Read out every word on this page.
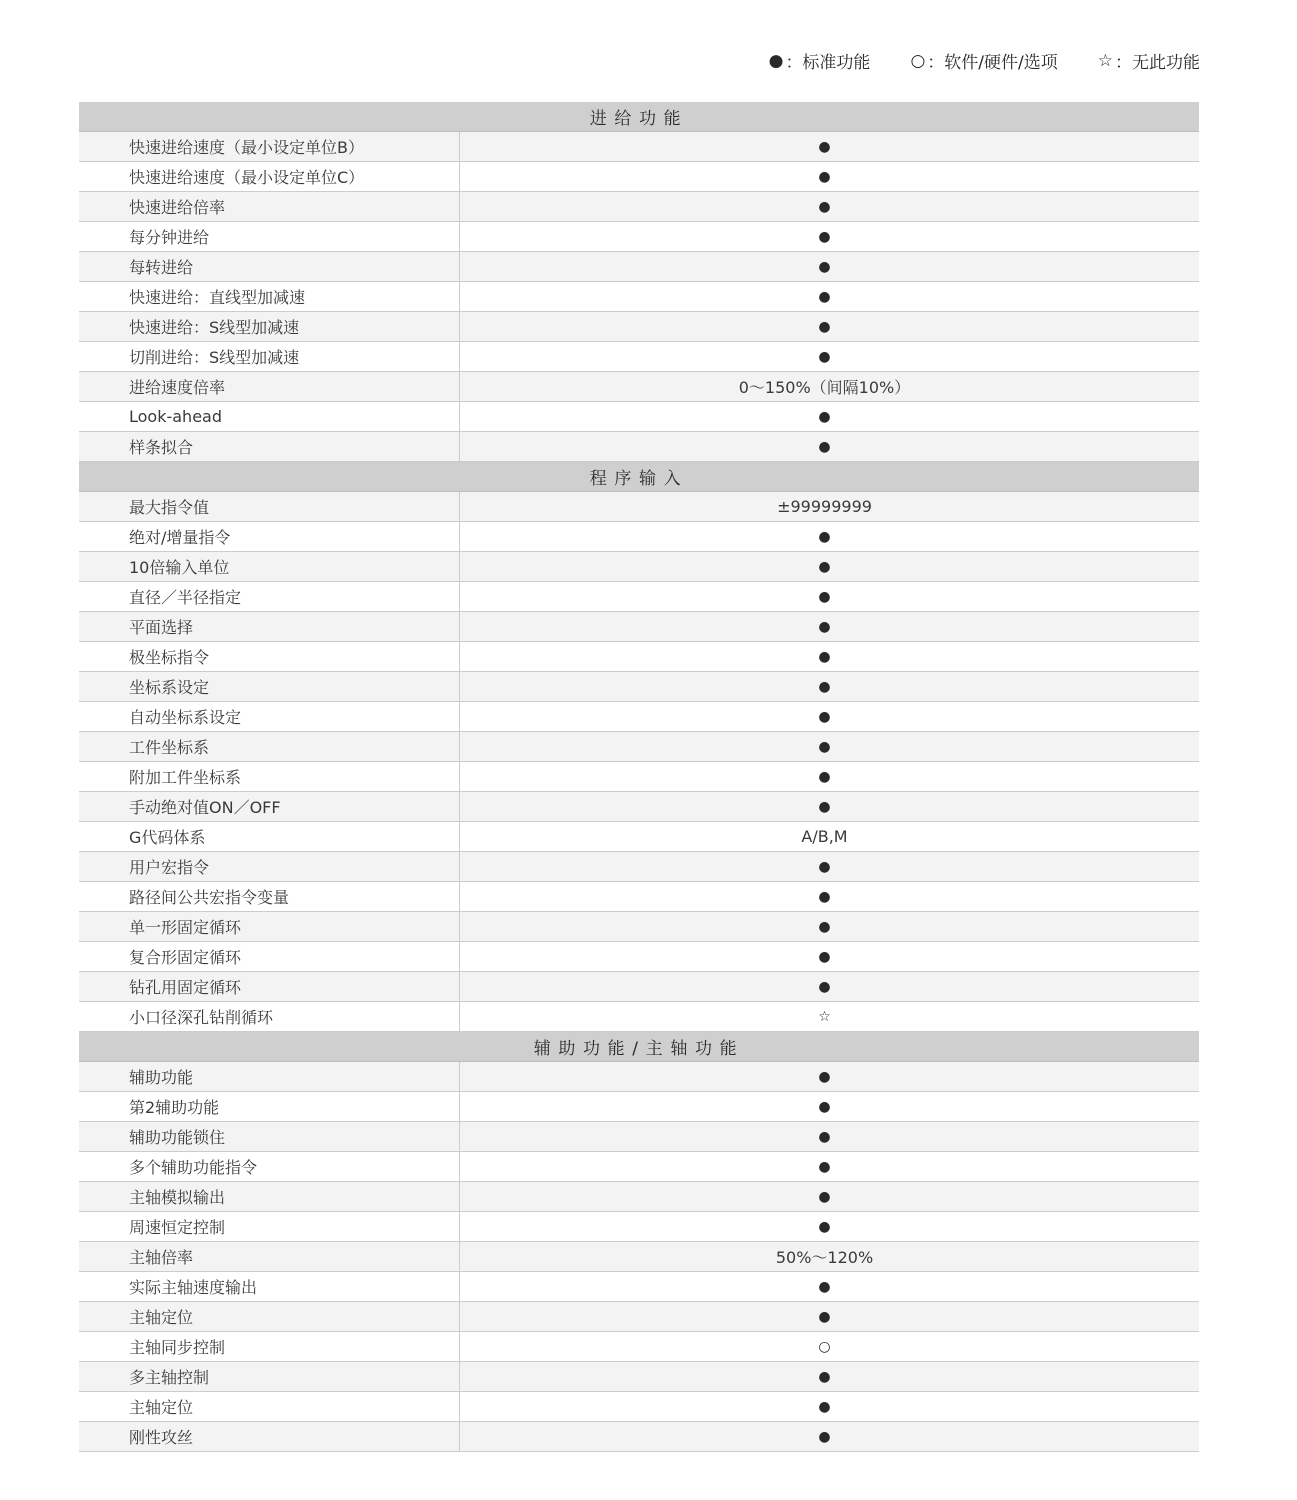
● ：标准功能 ○ ：软件/硬件/选项 ☆ ：无此功能
进给功能
快速进给速度（最小设定单位B）	●
快速进给速度（最小设定单位C）	●
快速进给倍率	●
每分钟进给	●
每转进给	●
快速进给：直线型加减速	●
快速进给：S线型加减速	●
切削进给：S线型加减速	●
进给速度倍率	0～150%（间隔10%）
Look-ahead	●
样条拟合	●
程序输入
最大指令值	±99999999
绝对/增量指令	●
10倍输入单位	●
直径／半径指定	●
平面选择	●
极坐标指令	●
坐标系设定	●
自动坐标系设定	●
工件坐标系	●
附加工件坐标系	●
手动绝对值ON／OFF	●
G代码体系	A/B,M
用户宏指令	●
路径间公共宏指令变量	●
单一形固定循环	●
复合形固定循环	●
钻孔用固定循环	●
小口径深孔钻削循环	☆
辅助功能/主轴功能
辅助功能	●
第2辅助功能	●
辅助功能锁住	●
多个辅助功能指令	●
主轴模拟输出	●
周速恒定控制	●
主轴倍率	50%～120%
实际主轴速度输出	●
主轴定位	●
主轴同步控制	○
多主轴控制	●
主轴定位	●
刚性攻丝	●
